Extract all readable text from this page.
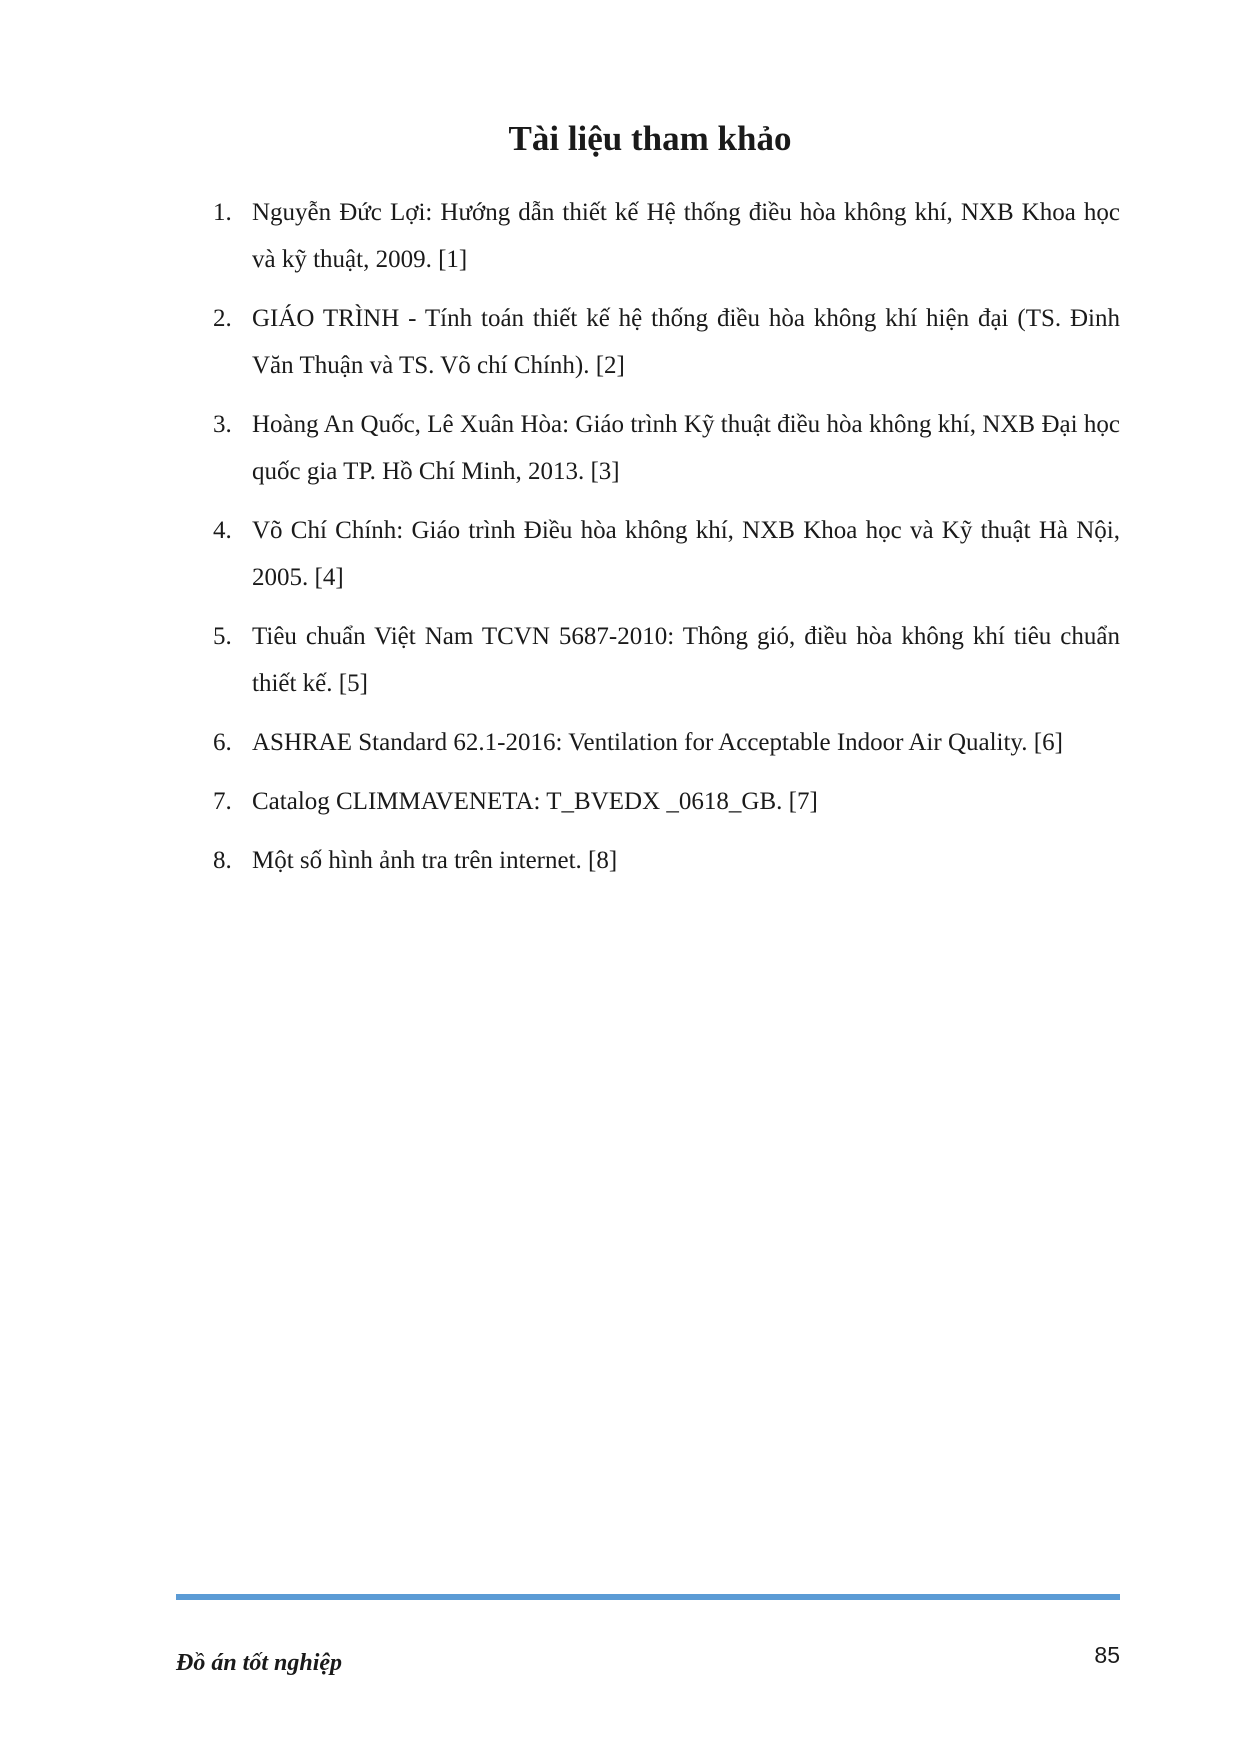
Tài liệu tham khảo
1. Nguyễn Đức Lợi: Hướng dẫn thiết kế Hệ thống điều hòa không khí, NXB Khoa học và kỹ thuật, 2009. [1]
2. GIÁO TRÌNH - Tính toán thiết kế hệ thống điều hòa không khí hiện đại (TS. Đinh Văn Thuận và TS. Võ chí Chính). [2]
3. Hoàng An Quốc, Lê Xuân Hòa: Giáo trình Kỹ thuật điều hòa không khí, NXB Đại học quốc gia TP. Hồ Chí Minh, 2013. [3]
4. Võ Chí Chính: Giáo trình Điều hòa không khí, NXB Khoa học và Kỹ thuật Hà Nội, 2005. [4]
5. Tiêu chuẩn Việt Nam TCVN 5687-2010: Thông gió, điều hòa không khí tiêu chuẩn thiết kế. [5]
6. ASHRAE Standard 62.1-2016: Ventilation for Acceptable Indoor Air Quality. [6]
7. Catalog CLIMMAVENETA: T_BVEDX _0618_GB. [7]
8. Một số hình ảnh tra trên internet. [8]
Đồ án tốt nghiệp	85
